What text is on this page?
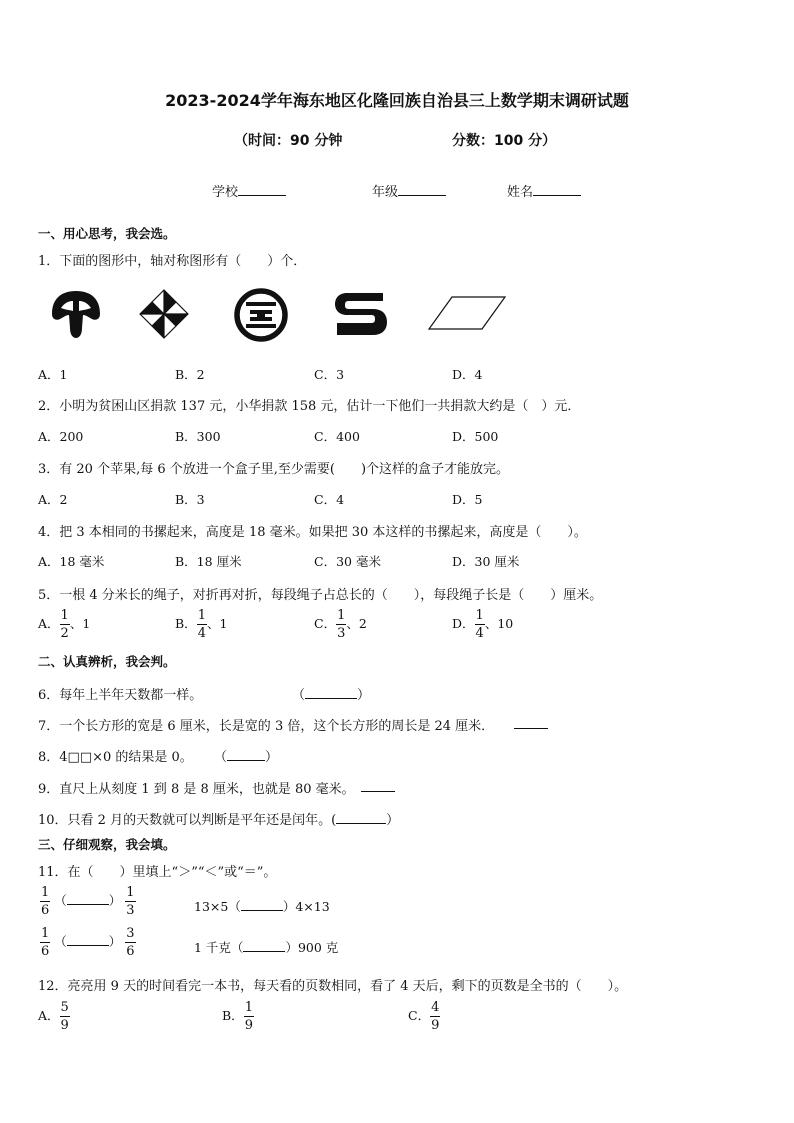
2023-2024学年海东地区化隆回族自治县三上数学期末调研试题
（时间：90 分钟	分数：100 分）
学校	年级	姓名
一、用心思考，我会选。
1．下面的图形中，轴对称图形有（　　）个．
A．1	B．2	C．3	D．4
2．小明为贫困山区捐款 137 元，小华捐款 158 元，估计一下他们一共捐款大约是（　）元．
A．200	B．300	C．400	D．500
3．有 20 个苹果,每 6 个放进一个盒子里,至少需要(　　)个这样的盒子才能放完。
A．2	B．3	C．4	D．5
4．把 3 本相同的书摞起来，高度是 18 毫米。如果把 30 本这样的书摞起来，高度是（　　）。
A．18 毫米	B．18 厘米	C．30 毫米	D．30 厘米
5．一根 4 分米长的绳子，对折再对折，每段绳子占总长的（　　），每段绳子长是（　　）厘米。
A． $\frac{1}{2}$ 、1	B． $\frac{1}{4}$ 、1	C． $\frac{1}{3}$ 、2	D． $\frac{1}{4}$ 、10
二、认真辨析，我会判。
6．每年上半年天数都一样。	（	）
7．一个长方形的宽是 6 厘米，长是宽的 3 倍，这个长方形的周长是 24 厘米．
8．4□□×0 的结果是 0。 （	）
9．直尺上从刻度 1 到 8 是 8 厘米，也就是 80 毫米。
10．只看 2 月的天数就可以判断是平年还是闰年。(	）
三、仔细观察，我会填。
11．在（　　）里填上“＞”“＜”或“＝”。
$\frac{1}{6}$ （	） $\frac{1}{3}$	13×5（	）4×13
$\frac{1}{6}$ （	） $\frac{3}{6}$	1 千克（	）900 克
12．亮亮用 9 天的时间看完一本书，每天看的页数相同，看了 4 天后，剩下的页数是全书的（　　）。
A． $\frac{5}{9}$	B． $\frac{1}{9}$	C． $\frac{4}{9}$
